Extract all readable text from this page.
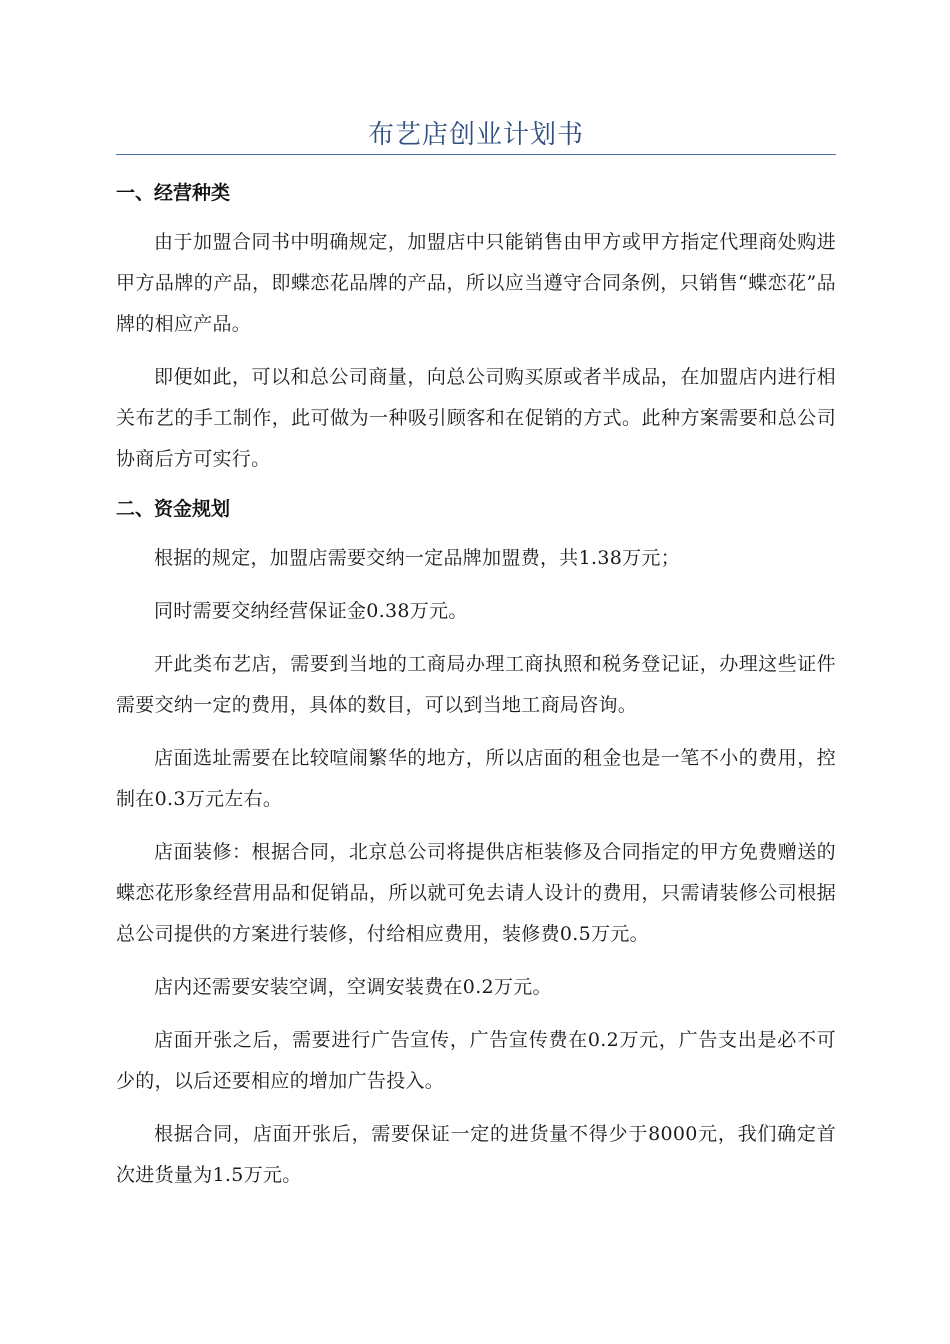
布艺店创业计划书
一、经营种类

由于加盟合同书中明确规定，加盟店中只能销售由甲方或甲方指定代理商处购进甲方品牌的产品，即蝶恋花品牌的产品，所以应当遵守合同条例，只销售“蝶恋花”品牌的相应产品。

即便如此，可以和总公司商量，向总公司购买原或者半成品，在加盟店内进行相关布艺的手工制作，此可做为一种吸引顾客和在促销的方式。此种方案需要和总公司协商后方可实行。

二、资金规划

根据的规定，加盟店需要交纳一定品牌加盟费，共1.38万元；

同时需要交纳经营保证金0.38万元。

开此类布艺店，需要到当地的工商局办理工商执照和税务登记证，办理这些证件需要交纳一定的费用，具体的数目，可以到当地工商局咨询。

店面选址需要在比较喧闹繁华的地方，所以店面的租金也是一笔不小的费用，控制在0.3万元左右。

店面装修：根据合同，北京总公司将提供店柜装修及合同指定的甲方免费赠送的蝶恋花形象经营用品和促销品，所以就可免去请人设计的费用，只需请装修公司根据总公司提供的方案进行装修，付给相应费用，装修费0.5万元。

店内还需要安装空调，空调安装费在0.2万元。

店面开张之后，需要进行广告宣传，广告宣传费在0.2万元，广告支出是必不可少的，以后还要相应的增加广告投入。

根据合同，店面开张后，需要保证一定的进货量不得少于8000元，我们确定首次进货量为1.5万元。
